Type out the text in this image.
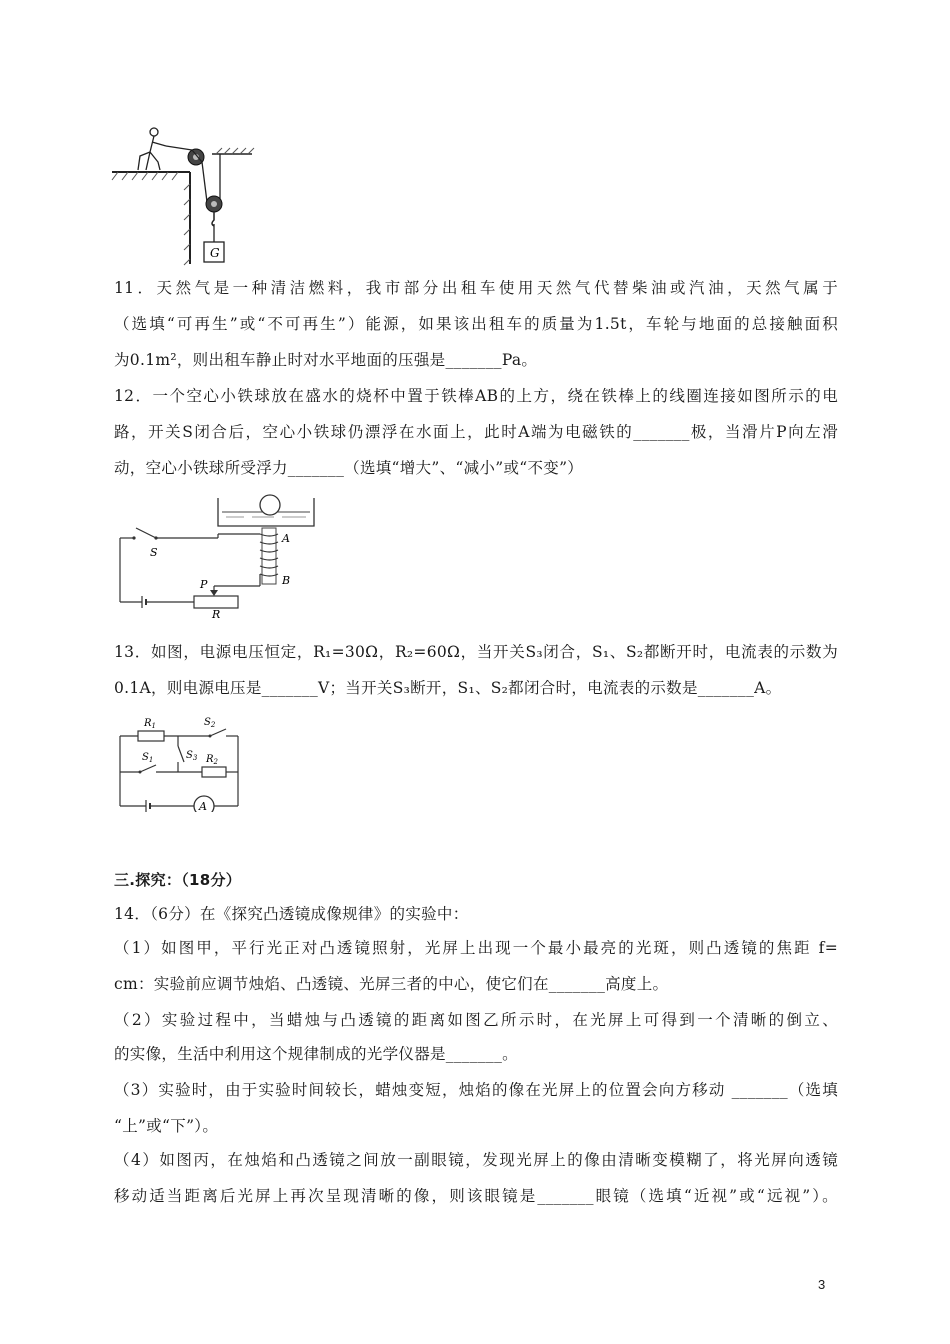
G
11．天然气是一种清洁燃料，我市部分出租车使用天然气代替柴油或汽油，天然气属于
（选填“可再生”或“不可再生”）能源，如果该出租车的质量为1.5t，车轮与地面的总接触面积
为0.1m²，则出租车静止时对水平地面的压强是_______Pa。
12．一个空心小铁球放在盛水的烧杯中置于铁棒AB的上方，绕在铁棒上的线圈连接如图所示的电
路，开关S闭合后，空心小铁球仍漂浮在水面上，此时A端为电磁铁的_______极，当滑片P向左滑
动，空心小铁球所受浮力_______（选填“增大”、“减小”或“不变”）
A
B
S
R
P
13．如图，电源电压恒定，R₁=30Ω，R₂=60Ω，当开关S₃闭合，S₁、S₂都断开时，电流表的示数为
0.1A，则电源电压是_______V；当开关S₃断开，S₁、S₂都闭合时，电流表的示数是_______A。
$R_1$	$S_2$
$S_3$
$S_1$	$R_2$
A
三.探究：（18分）
14．（6分）在《探究凸透镜成像规律》的实验中：
（1）如图甲，平行光正对凸透镜照射，光屏上出现一个最小最亮的光斑，则凸透镜的焦距 f=
cm：实验前应调节烛焰、凸透镜、光屏三者的中心，使它们在_______高度上。
（2）实验过程中，当蜡烛与凸透镜的距离如图乙所示时，在光屏上可得到一个清晰的倒立、
的实像，生活中利用这个规律制成的光学仪器是_______。
（3）实验时，由于实验时间较长，蜡烛变短，烛焰的像在光屏上的位置会向方移动 _______（选填
“上”或“下”）。
（4）如图丙，在烛焰和凸透镜之间放一副眼镜，发现光屏上的像由清晰变模糊了，将光屏向透镜
移动适当距离后光屏上再次呈现清晰的像，则该眼镜是_______眼镜（选填“近视”或“远视”）。
3
